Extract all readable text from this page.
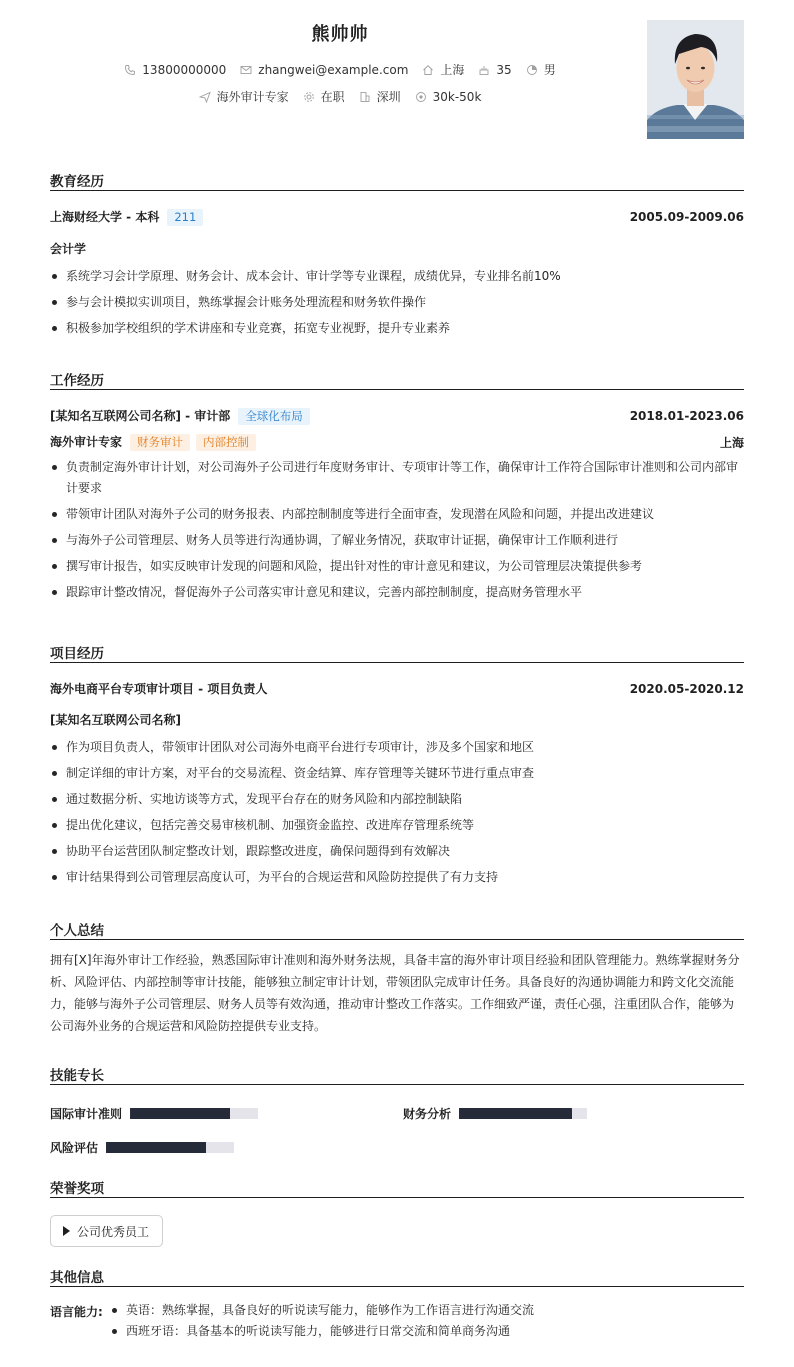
熊帅帅
13800000000	zhangwei@example.com	上海	35	男
海外审计专家	在职	深圳	30k-50k
教育经历
上海财经大学 - 本科 211	2005.09-2009.06
会计学
系统学习会计学原理、财务会计、成本会计、审计学等专业课程，成绩优异，专业排名前10%
参与会计模拟实训项目，熟练掌握会计账务处理流程和财务软件操作
积极参加学校组织的学术讲座和专业竞赛，拓宽专业视野，提升专业素养
工作经历
[某知名互联网公司名称] - 审计部 全球化布局	2018.01-2023.06
海外审计专家 财务审计 内部控制	上海
负责制定海外审计计划，对公司海外子公司进行年度财务审计、专项审计等工作，确保审计工作符合国际审计准则和公司内部审计要求
带领审计团队对海外子公司的财务报表、内部控制制度等进行全面审查，发现潜在风险和问题，并提出改进建议
与海外子公司管理层、财务人员等进行沟通协调，了解业务情况，获取审计证据，确保审计工作顺利进行
撰写审计报告，如实反映审计发现的问题和风险，提出针对性的审计意见和建议，为公司管理层决策提供参考
跟踪审计整改情况，督促海外子公司落实审计意见和建议，完善内部控制制度，提高财务管理水平
项目经历
海外电商平台专项审计项目 - 项目负责人	2020.05-2020.12
[某知名互联网公司名称]
作为项目负责人，带领审计团队对公司海外电商平台进行专项审计，涉及多个国家和地区
制定详细的审计方案，对平台的交易流程、资金结算、库存管理等关键环节进行重点审查
通过数据分析、实地访谈等方式，发现平台存在的财务风险和内部控制缺陷
提出优化建议，包括完善交易审核机制、加强资金监控、改进库存管理系统等
协助平台运营团队制定整改计划，跟踪整改进度，确保问题得到有效解决
审计结果得到公司管理层高度认可，为平台的合规运营和风险防控提供了有力支持
个人总结
拥有[X]年海外审计工作经验，熟悉国际审计准则和海外财务法规，具备丰富的海外审计项目经验和团队管理能力。熟练掌握财务分析、风险评估、内部控制等审计技能，能够独立制定审计计划，带领团队完成审计任务。具备良好的沟通协调能力和跨文化交流能力，能够与海外子公司管理层、财务人员等有效沟通，推动审计整改工作落实。工作细致严谨，责任心强，注重团队合作，能够为公司海外业务的合规运营和风险防控提供专业支持。
技能专长
国际审计准则	财务分析
风险评估
荣誉奖项
公司优秀员工
其他信息
语言能力:	英语：熟练掌握，具备良好的听说读写能力，能够作为工作语言进行沟通交流
西班牙语：具备基本的听说读写能力，能够进行日常交流和简单商务沟通
